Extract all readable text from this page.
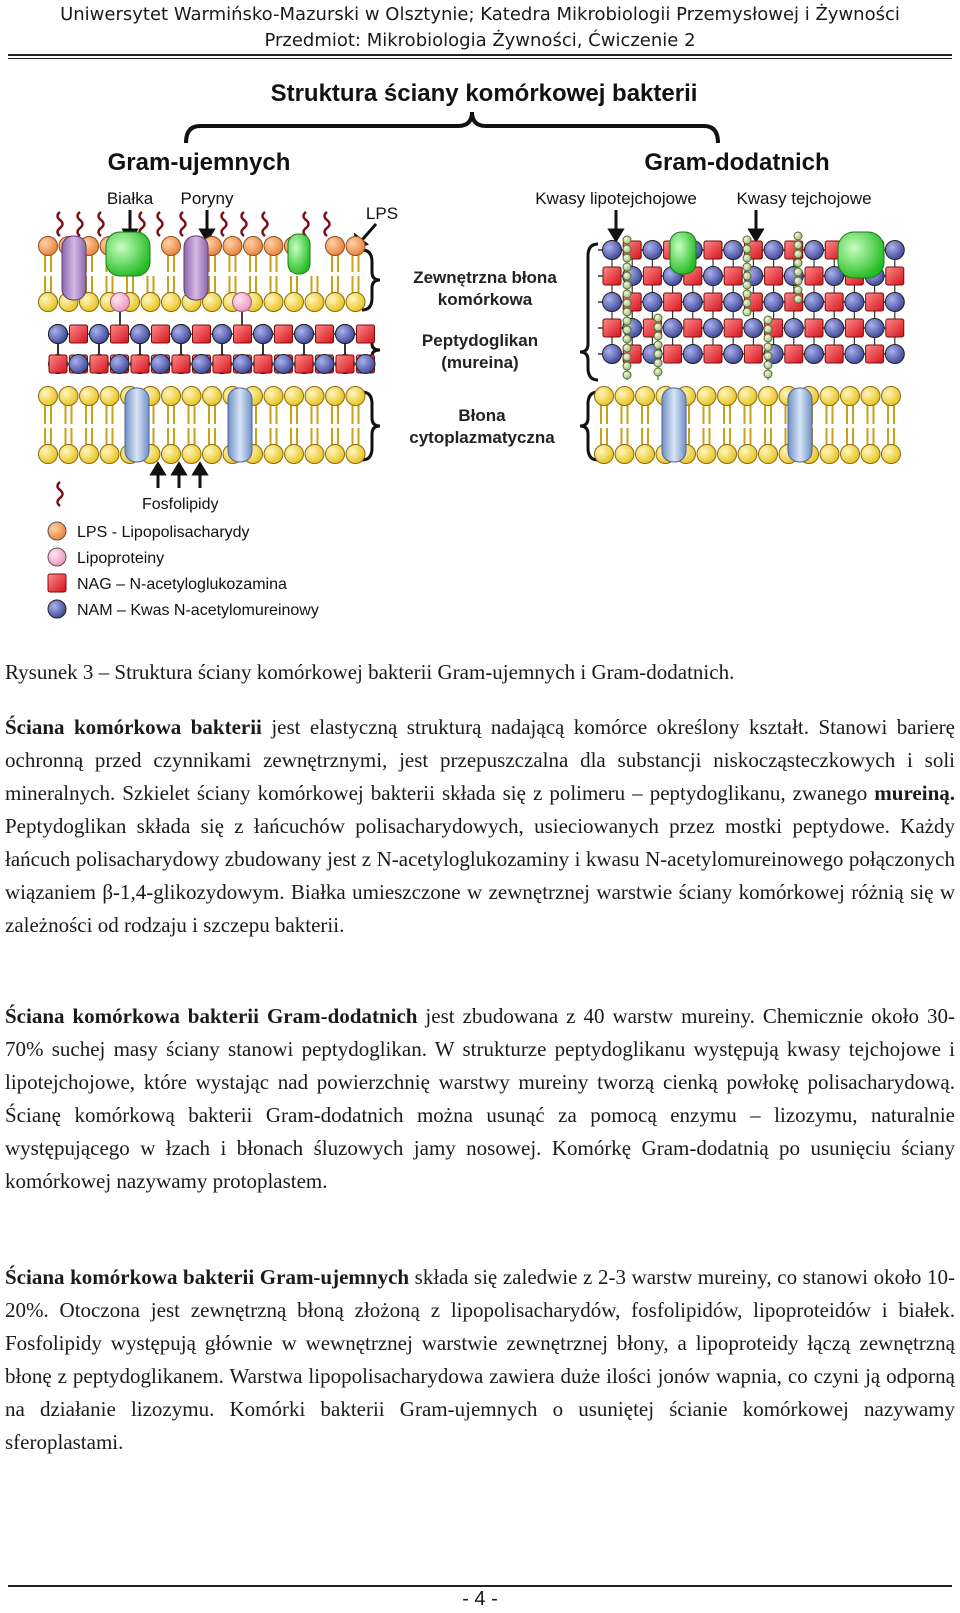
Uniwersytet Warmińsko-Mazurski w Olsztynie; Katedra Mikrobiologii Przemysłowej i Żywności
Przedmiot: Mikrobiologia Żywności, Ćwiczenie 2
Struktura ściany komórkowej bakterii
Gram-ujemnych	Gram-dodatnich
Białka Poryny
LPS
Kwasy lipotejchojowe Kwasy tejchojowe
Zewnętrzna błona
komórkowa
Peptydoglikan
(mureina)
Błona
cytoplazmatyczna
Fosfolipidy
LPS - Lipopolisacharydy
Lipoproteiny
NAG – N-acetyloglukozamina
NAM – Kwas N-acetylomureinowy
Rysunek 3 – Struktura ściany komórkowej bakterii Gram-ujemnych i Gram-dodatnich.
Ściana komórkowa bakterii jest elastyczną strukturą nadającą komórce określony kształt. Stanowi barierę ochronną przed czynnikami zewnętrznymi, jest przepuszczalna dla substancji niskocząsteczkowych i soli mineralnych. Szkielet ściany komórkowej bakterii składa się z polimeru – peptydoglikanu, zwanego mureiną. Peptydoglikan składa się z łańcuchów polisacharydowych, usieciowanych przez mostki peptydowe. Każdy łańcuch polisacharydowy zbudowany jest z N-acetyloglukozaminy i kwasu N-acetylomureinowego połączonych wiązaniem β-1,4-glikozydowym. Białka umieszczone w zewnętrznej warstwie ściany komórkowej różnią się w zależności od rodzaju i szczepu bakterii.
Ściana komórkowa bakterii Gram-dodatnich jest zbudowana z 40 warstw mureiny. Chemicznie około 30-70% suchej masy ściany stanowi peptydoglikan. W strukturze peptydoglikanu występują kwasy tejchojowe i lipotejchojowe, które wystając nad powierzchnię warstwy mureiny tworzą cienką powłokę polisacharydową. Ścianę komórkową bakterii Gram-dodatnich można usunąć za pomocą enzymu – lizozymu, naturalnie występującego w łzach i błonach śluzowych jamy nosowej. Komórkę Gram-dodatnią po usunięciu ściany komórkowej nazywamy protoplastem.
Ściana komórkowa bakterii Gram-ujemnych składa się zaledwie z 2-3 warstw mureiny, co stanowi około 10-20%. Otoczona jest zewnętrzną błoną złożoną z lipopolisacharydów, fosfolipidów, lipoproteidów i białek. Fosfolipidy występują głównie w wewnętrznej warstwie zewnętrznej błony, a lipoproteidy łączą zewnętrzną błonę z peptydoglikanem. Warstwa lipopolisacharydowa zawiera duże ilości jonów wapnia, co czyni ją odporną na działanie lizozymu. Komórki bakterii Gram-ujemnych o usuniętej ścianie komórkowej nazywamy sferoplastami.
- 4 -
